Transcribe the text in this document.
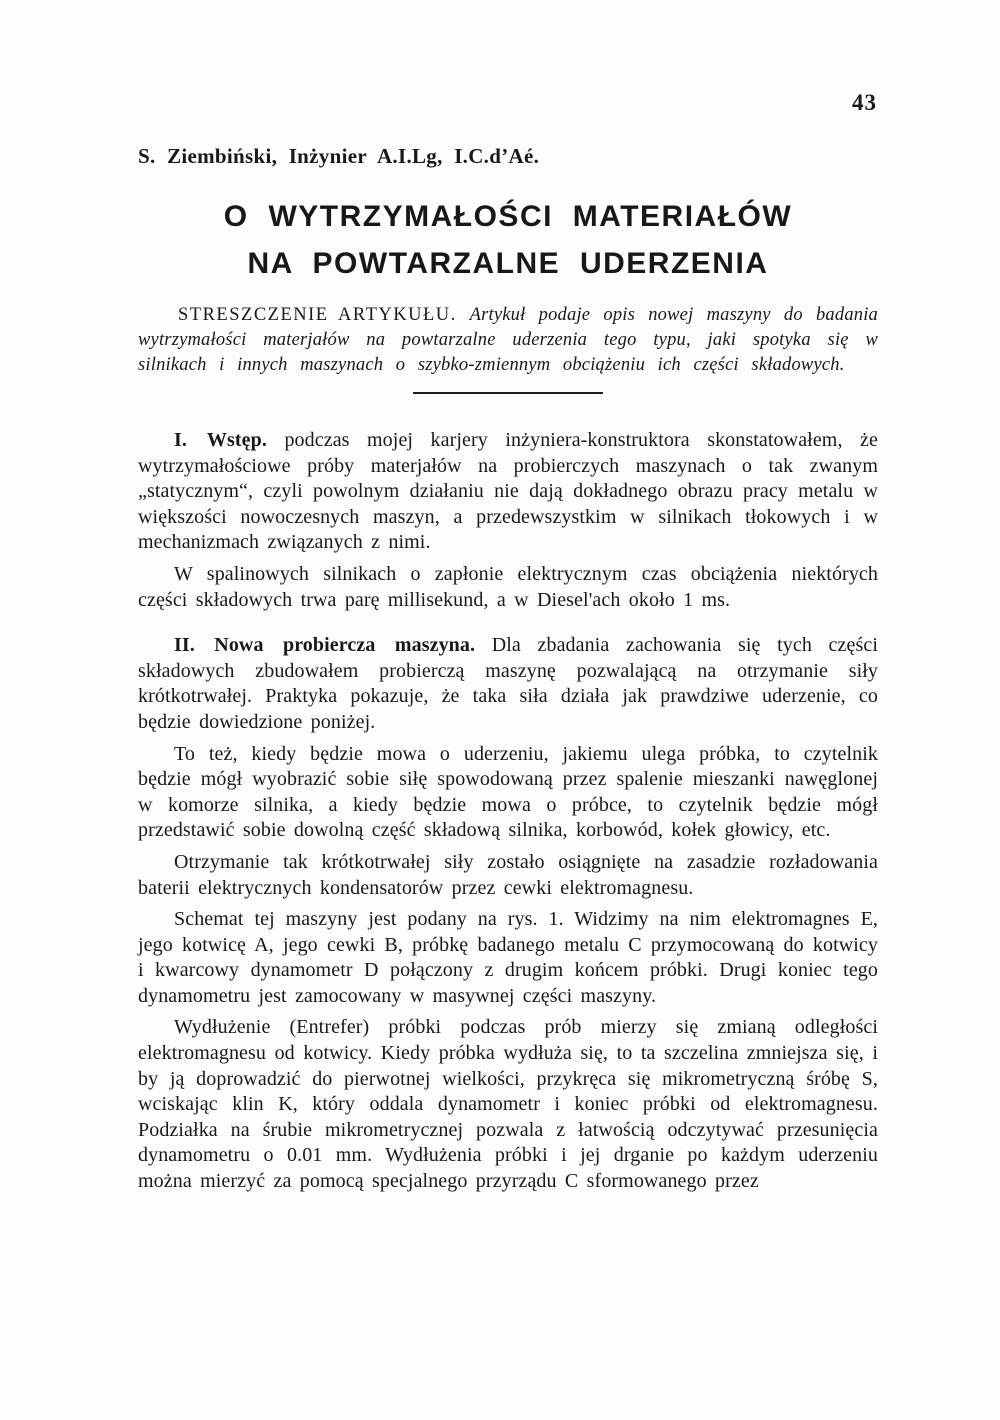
43
S. Ziembiński, Inżynier A.I.Lg, I.C.d’Aé.
O WYTRZYMAŁOŚCI MATERIAŁÓW
NA POWTARZALNE UDERZENIA

STRESZCZENIE ARTYKUŁU. Artykuł podaje opis nowej maszyny do badania wytrzymałości materjałów na powtarzalne uderzenia tego typu, jaki spotyka się w silnikach i innych maszynach o szybko-zmiennym obciążeniu ich części składowych.

I. Wstęp. podczas mojej karjery inżyniera-konstruktora skonstatowałem, że wytrzymałościowe próby materjałów na probierczych maszynach o tak zwanym „statycznym“, czyli powolnym działaniu nie dają dokładnego obrazu pracy metalu w większości nowoczesnych maszyn, a przedewszystkim w silnikach tłokowych i w mechanizmach związanych z nimi.

W spalinowych silnikach o zapłonie elektrycznym czas obciążenia niektórych części składowych trwa parę millisekund, a w Diesel'ach około 1 ms.

II. Nowa probiercza maszyna. Dla zbadania zachowania się tych części składowych zbudowałem probierczą maszynę pozwalającą na otrzymanie siły krótkotrwałej. Praktyka pokazuje, że taka siła działa jak prawdziwe uderzenie, co będzie dowiedzione poniżej.

To też, kiedy będzie mowa o uderzeniu, jakiemu ulega próbka, to czytelnik będzie mógł wyobrazić sobie siłę spowodowaną przez spalenie mieszanki nawęglonej w komorze silnika, a kiedy będzie mowa o próbce, to czytelnik będzie mógł przedstawić sobie dowolną część składową silnika, korbowód, kołek głowicy, etc.

Otrzymanie tak krótkotrwałej siły zostało osiągnięte na zasadzie rozładowania baterii elektrycznych kondensatorów przez cewki elektromagnesu.

Schemat tej maszyny jest podany na rys. 1. Widzimy na nim elektromagnes E, jego kotwicę A, jego cewki B, próbkę badanego metalu C przymocowaną do kotwicy i kwarcowy dynamometr D połączony z drugim końcem próbki. Drugi koniec tego dynamometru jest zamocowany w masywnej części maszyny.

Wydłużenie (Entrefer) próbki podczas prób mierzy się zmianą odległości elektromagnesu od kotwicy. Kiedy próbka wydłuża się, to ta szczelina zmniejsza się, i by ją doprowadzić do pierwotnej wielkości, przykręca się mikrometryczną śróbę S, wciskając klin K, który oddala dynamometr i koniec próbki od elektromagnesu. Podziałka na śrubie mikrometrycznej pozwala z łatwością odczytywać przesunięcia dynamometru o 0.01 mm. Wydłużenia próbki i jej drganie po każdym uderzeniu można mierzyć za pomocą specjalnego przyrządu C sformowanego przez
